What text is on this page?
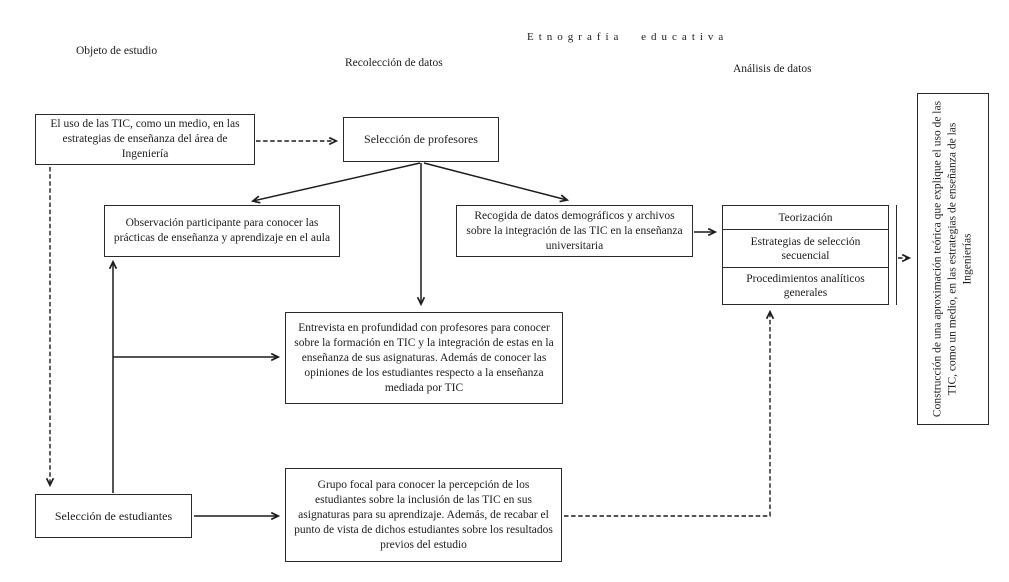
Objeto de estudio
Etnografía educativa
Recolección de datos	Análisis de datos
El uso de las TIC, como un medio, en las estrategias de enseñanza del área de Ingeniería
Selección de profesores
Observación participante para conocer las prácticas de enseñanza y aprendizaje en el aula
Recogida de datos demográficos y archivos sobre la integración de las TIC en la enseñanza universitaria
Teorización
Estrategias de selección secuencial
Procedimientos analíticos generales
Entrevista en profundidad con profesores para conocer sobre la formación en TIC y la integración de estas en la enseñanza de sus asignaturas. Además de conocer las opiniones de los estudiantes respecto a la enseñanza mediada por TIC
Grupo focal para conocer la percepción de los estudiantes sobre la inclusión de las TIC en sus asignaturas para su aprendizaje. Además, de recabar el punto de vista de dichos estudiantes sobre los resultados previos del estudio
Selección de estudiantes
Construcción de una aproximación teórica que explique el uso de las TIC, como un medio, en las estrategias de enseñanza de las Ingenierías
